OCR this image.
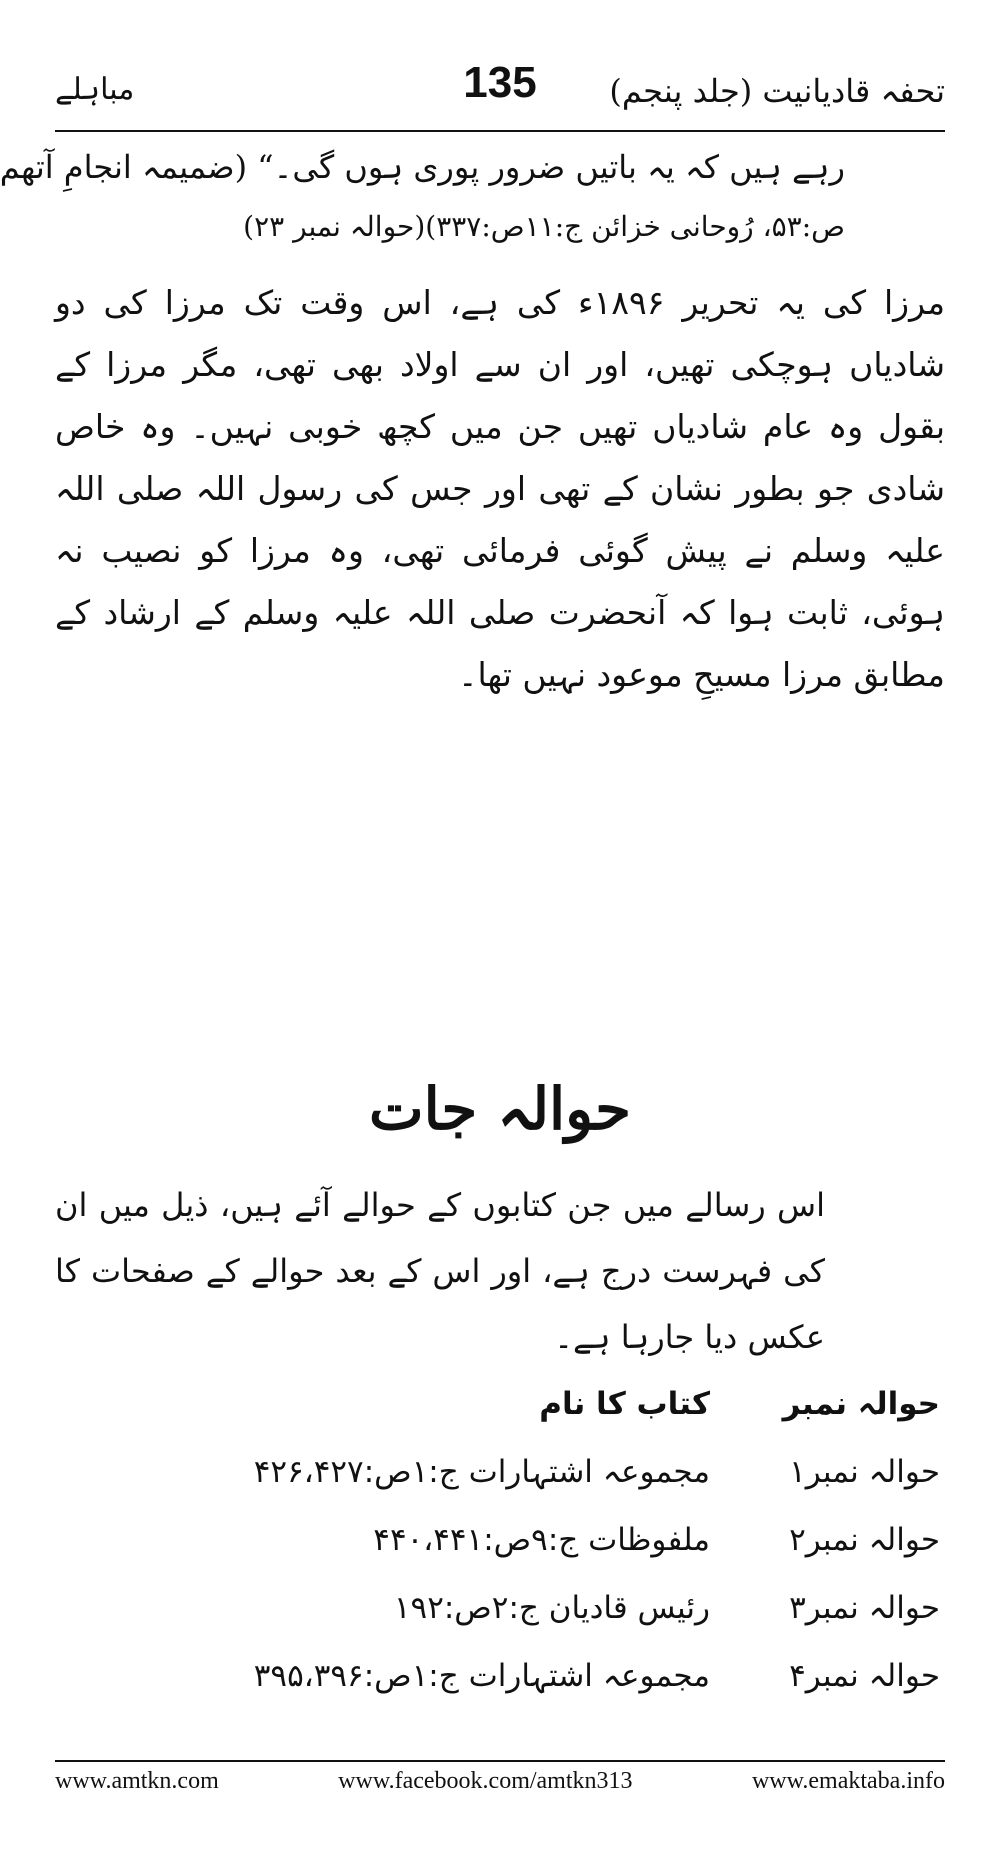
تحفہ قادیانیت (جلد پنجم)
135
مباہلے
رہے ہیں کہ یہ باتیں ضرور پوری ہوں گی۔“ (ضمیمہ انجامِ آتھم
ص:۵۳، رُوحانی خزائن ج:۱۱ص:۳۳۷)(حوالہ نمبر ۲۳)
مرزا کی یہ تحریر ۱۸۹۶ء کی ہے، اس وقت تک مرزا کی دو شادیاں ہوچکی تھیں، اور ان سے اولاد بھی تھی، مگر مرزا کے بقول وہ عام شادیاں تھیں جن میں کچھ خوبی نہیں۔ وہ خاص شادی جو بطور نشان کے تھی اور جس کی رسول اللہ صلی اللہ علیہ وسلم نے پیش گوئی فرمائی تھی، وہ مرزا کو نصیب نہ ہوئی، ثابت ہوا کہ آنحضرت صلی اللہ علیہ وسلم کے ارشاد کے مطابق مرزا مسیحِ موعود نہیں تھا۔
حوالہ جات
اس رسالے میں جن کتابوں کے حوالے آئے ہیں، ذیل میں ان کی فہرست درج ہے، اور اس کے بعد حوالے کے صفحات کا عکس دیا جارہا ہے۔
حوالہ نمبر
کتاب کا نام
حوالہ نمبر۱
مجموعہ اشتہارات ج:۱ص:۴۲۶،۴۲۷
حوالہ نمبر۲
ملفوظات ج:۹ص:۴۴۰،۴۴۱
حوالہ نمبر۳
رئیس قادیان ج:۲ص:۱۹۲
حوالہ نمبر۴
مجموعہ اشتہارات ج:۱ص:۳۹۵،۳۹۶
www.amtkn.com	www.facebook.com/amtkn313	www.emaktaba.info
